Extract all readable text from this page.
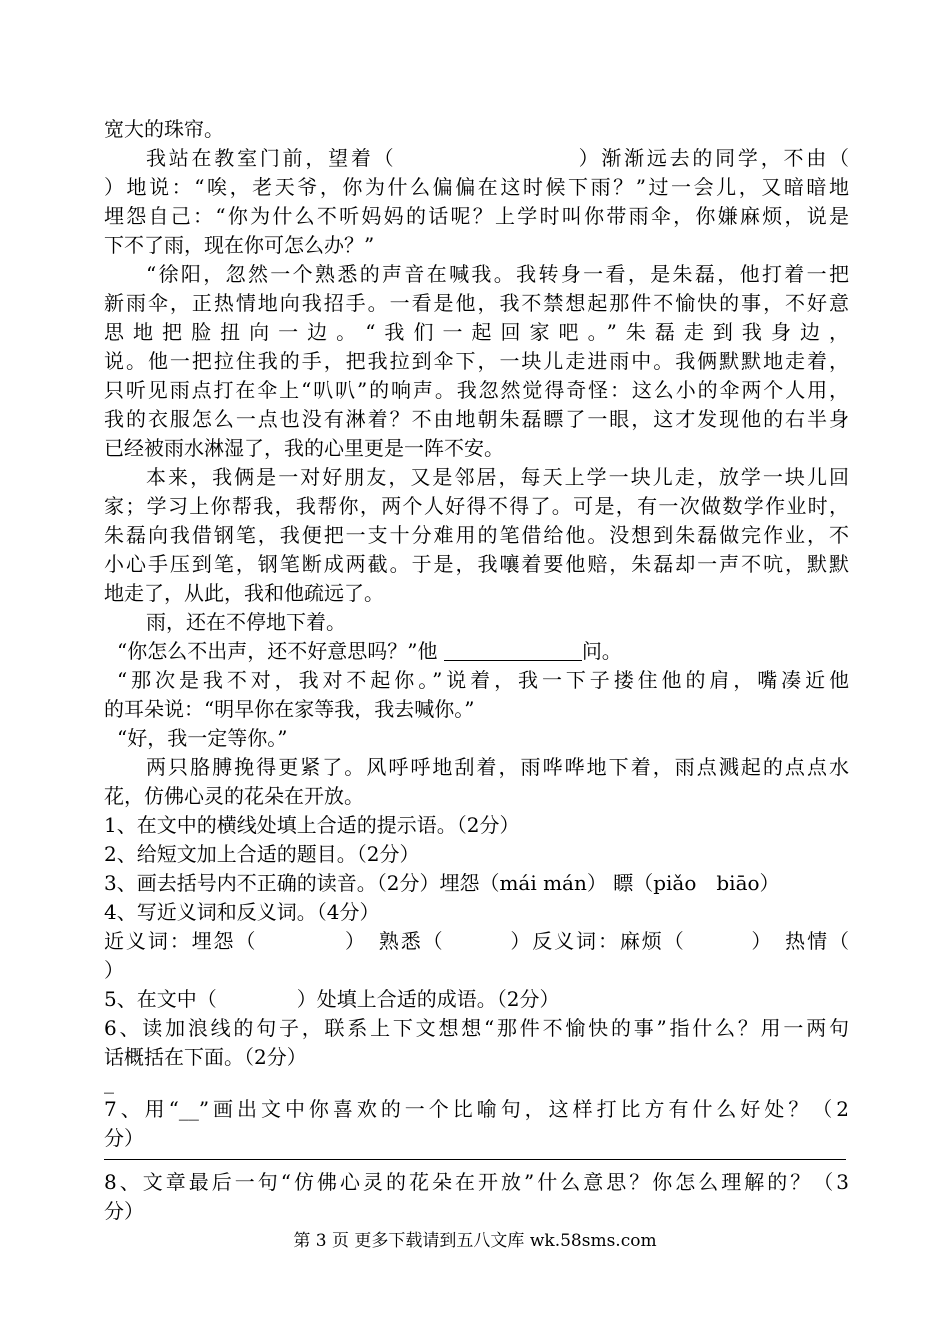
宽大的珠帘。
我站在教室门前，望着（　　　　　　　　）渐渐远去的同学，不由（
）地说：“唉，老天爷，你为什么偏偏在这时候下雨？”过一会儿，又暗暗地
埋怨自己：“你为什么不听妈妈的话呢？上学时叫你带雨伞，你嫌麻烦，说是
下不了雨，现在你可怎么办？”
“徐阳，忽然一个熟悉的声音在喊我。我转身一看，是朱磊，他打着一把
新雨伞，正热情地向我招手。一看是他，我不禁想起那件不愉快的事，不好意
思地把脸扭向一边。“我们一起回家吧。”朱磊走到我身边，
说。他一把拉住我的手，把我拉到伞下，一块儿走进雨中。我俩默默地走着，
只听见雨点打在伞上“叭叭”的响声。我忽然觉得奇怪：这么小的伞两个人用，
我的衣服怎么一点也没有淋着？不由地朝朱磊瞟了一眼，这才发现他的右半身
已经被雨水淋湿了，我的心里更是一阵不安。
本来，我俩是一对好朋友，又是邻居，每天上学一块儿走，放学一块儿回
家；学习上你帮我，我帮你，两个人好得不得了。可是，有一次做数学作业时，
朱磊向我借钢笔，我便把一支十分难用的笔借给他。没想到朱磊做完作业，不
小心手压到笔，钢笔断成两截。于是，我嚷着要他赔，朱磊却一声不吭，默默
地走了，从此，我和他疏远了。
雨，还在不停地下着。
“你怎么不出声，还不好意思吗？”他	问。
“那次是我不对，我对不起你。”说着，我一下子搂住他的肩，嘴凑近他
的耳朵说：“明早你在家等我，我去喊你。”
“好，我一定等你。”
两只胳膊挽得更紧了。风呼呼地刮着，雨哗哗地下着，雨点溅起的点点水
花，仿佛心灵的花朵在开放。
1、在文中的横线处填上合适的提示语。（2分）
2、给短文加上合适的题目。（2分）
3、画去括号内不正确的读音。（2分）埋怨（mái mán） 瞟（piǎo　biāo）
4、写近义词和反义词。（4分）
近义词：埋怨（　　　　）　熟悉（　　　）反义词：麻烦（　　　）　热情（
）
5、在文中（　　　　）处填上合适的成语。（2分）
6、读加浪线的句子，联系上下文想想“那件不愉快的事”指什么？用一两句
话概括在下面。（2分）
_
7、用“__”画出文中你喜欢的一个比喻句，这样打比方有什么好处？（2
分）
8、文章最后一句“仿佛心灵的花朵在开放”什么意思？你怎么理解的？（3
分）
第 3 页 更多下载请到五八文库 wk.58sms.com
